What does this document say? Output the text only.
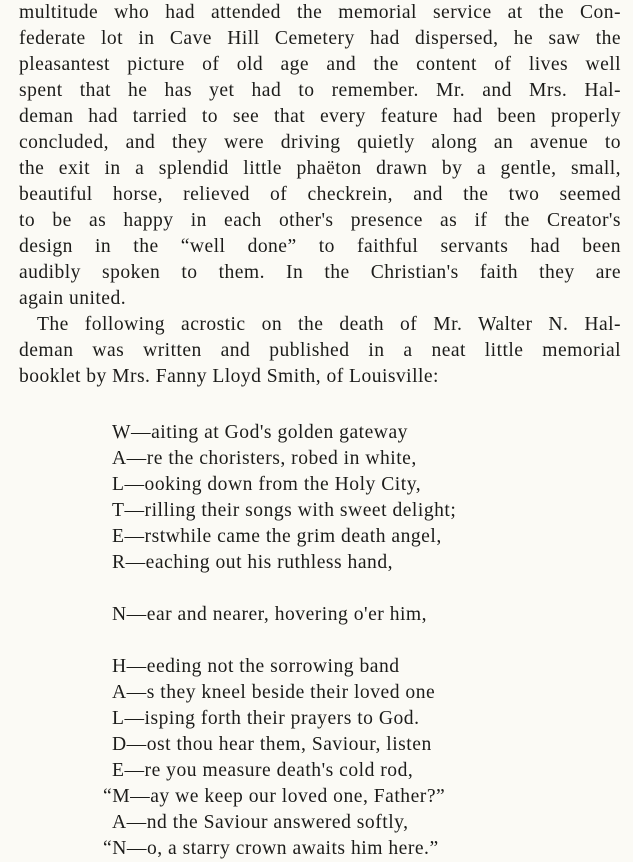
multitude who had attended the memorial service at the Con-
federate lot in Cave Hill Cemetery had dispersed, he saw the
pleasantest picture of old age and the content of lives well
spent that he has yet had to remember. Mr. and Mrs. Hal-
deman had tarried to see that every feature had been properly
concluded, and they were driving quietly along an avenue to
the exit in a splendid little phaëton drawn by a gentle, small,
beautiful horse, relieved of checkrein, and the two seemed
to be as happy in each other's presence as if the Creator's
design in the “well done” to faithful servants had been
audibly spoken to them. In the Christian's faith they are
again united.
The following acrostic on the death of Mr. Walter N. Hal-
deman was written and published in a neat little memorial
booklet by Mrs. Fanny Lloyd Smith, of Louisville:
W—aiting at God's golden gateway
A—re the choristers, robed in white,
L—ooking down from the Holy City,
T—rilling their songs with sweet delight;
E—rstwhile came the grim death angel,
R—eaching out his ruthless hand,
N—ear and nearer, hovering o'er him,
H—eeding not the sorrowing band
A—s they kneel beside their loved one
L—isping forth their prayers to God.
D—ost thou hear them, Saviour, listen
E—re you measure death's cold rod,
“M—ay we keep our loved one, Father?”
A—nd the Saviour answered softly,
“N—o, a starry crown awaits him here.”
